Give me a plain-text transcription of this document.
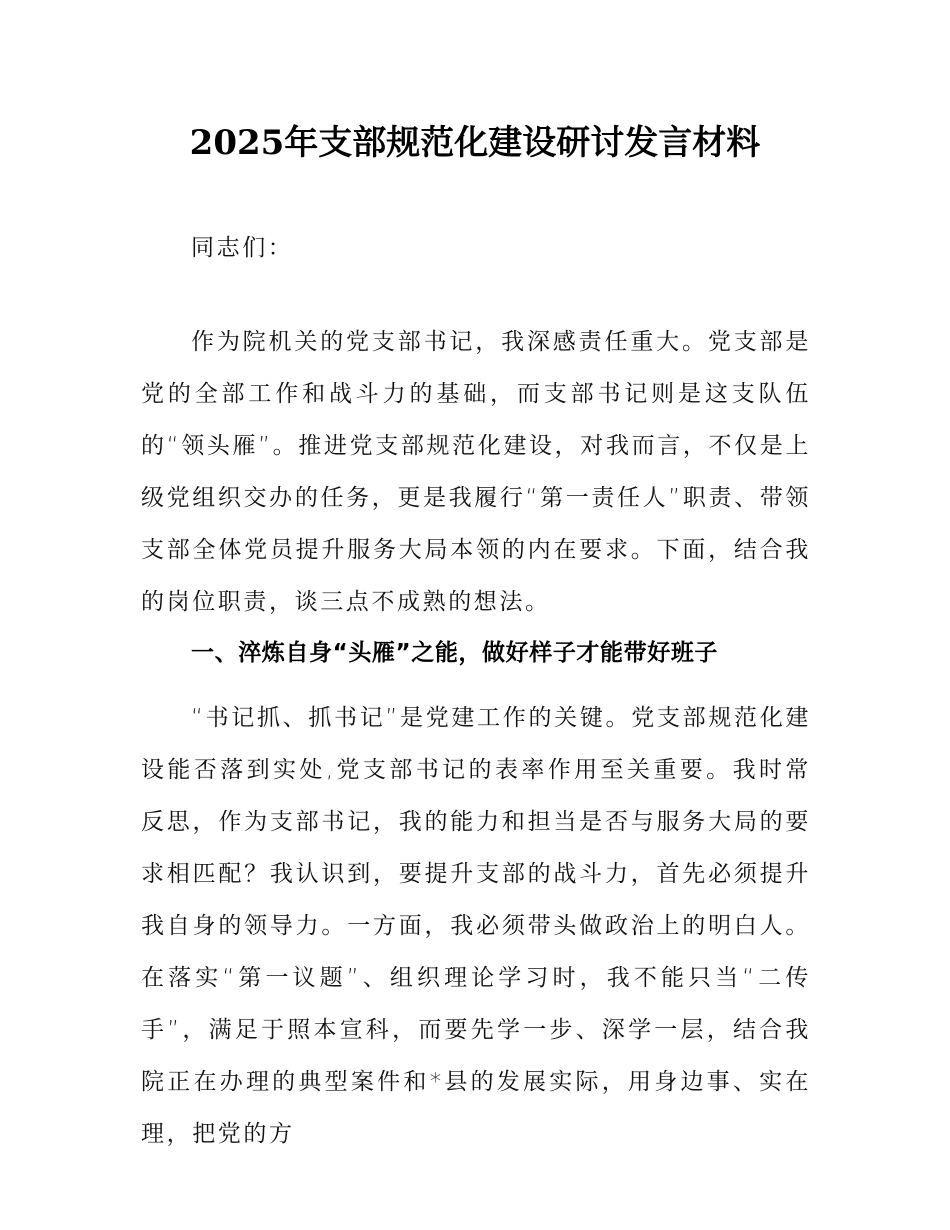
2025年支部规范化建设研讨发言材料
同志们：
作为院机关的党支部书记，我深感责任重大。党支部是党的全部工作和战斗力的基础，而支部书记则是这支队伍的“领头雁”。推进党支部规范化建设，对我而言，不仅是上级党组织交办的任务，更是我履行“第一责任人”职责、带领支部全体党员提升服务大局本领的内在要求。下面，结合我的岗位职责，谈三点不成熟的想法。
一、淬炼自身“头雁”之能，做好样子才能带好班子
“书记抓、抓书记”是党建工作的关键。党支部规范化建设能否落到实处,党支部书记的表率作用至关重要。我时常反思，作为支部书记，我的能力和担当是否与服务大局的要求相匹配？我认识到，要提升支部的战斗力，首先必须提升我自身的领导力。一方面，我必须带头做政治上的明白人。在落实“第一议题”、组织理论学习时，我不能只当“二传手”，满足于照本宣科，而要先学一步、深学一层，结合我院正在办理的典型案件和*县的发展实际，用身边事、实在理，把党的方
